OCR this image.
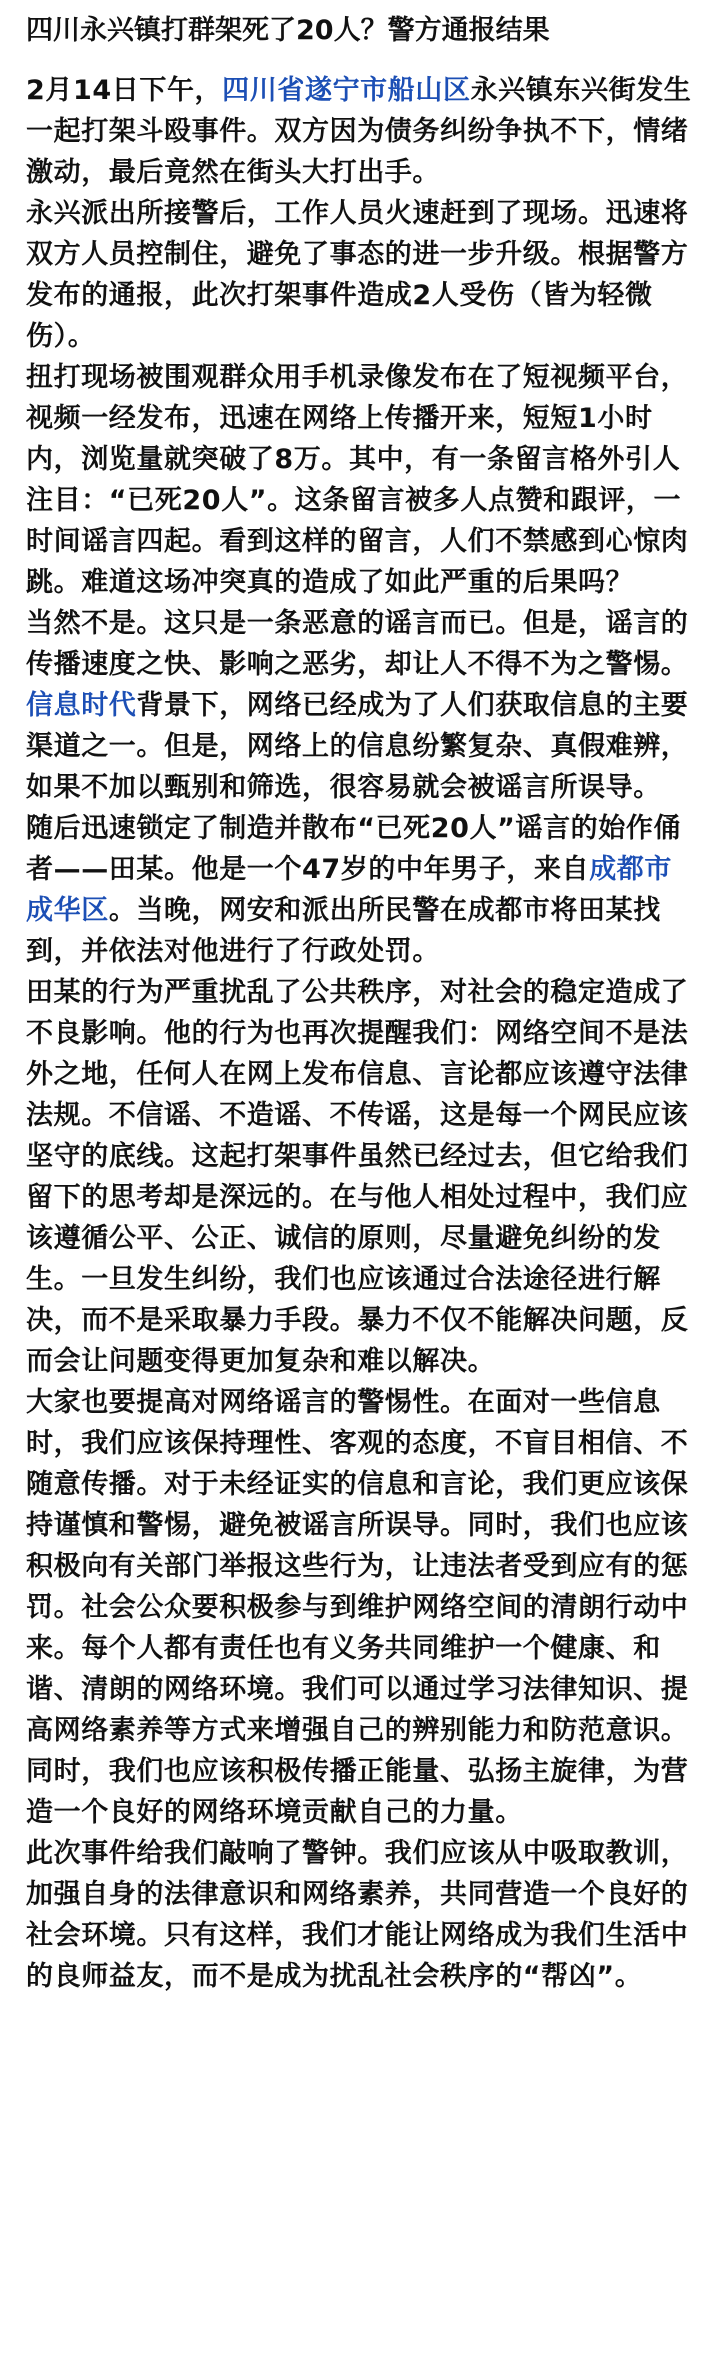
四川永兴镇打群架死了20人？警方通报结果

2月14日下午，四川省遂宁市船山区永兴镇东兴街发生一起打架斗殴事件。双方因为债务纠纷争执不下，情绪激动，最后竟然在街头大打出手。

永兴派出所接警后，工作人员火速赶到了现场。迅速将双方人员控制住，避免了事态的进一步升级。根据警方发布的通报，此次打架事件造成2人受伤（皆为轻微伤）。

扭打现场被围观群众用手机录像发布在了短视频平台，视频一经发布，迅速在网络上传播开来，短短1小时内，浏览量就突破了8万。其中，有一条留言格外引人注目：“已死20人”。这条留言被多人点赞和跟评，一时间谣言四起。看到这样的留言，人们不禁感到心惊肉跳。难道这场冲突真的造成了如此严重的后果吗？

当然不是。这只是一条恶意的谣言而已。但是，谣言的传播速度之快、影响之恶劣，却让人不得不为之警惕。

信息时代背景下，网络已经成为了人们获取信息的主要渠道之一。但是，网络上的信息纷繁复杂、真假难辨，如果不加以甄别和筛选，很容易就会被谣言所误导。

随后迅速锁定了制造并散布“已死20人”谣言的始作俑者——田某。他是一个47岁的中年男子，来自成都市成华区。当晚，网安和派出所民警在成都市将田某找到，并依法对他进行了行政处罚。

田某的行为严重扰乱了公共秩序，对社会的稳定造成了不良影响。他的行为也再次提醒我们：网络空间不是法外之地，任何人在网上发布信息、言论都应该遵守法律法规。不信谣、不造谣、不传谣，这是每一个网民应该坚守的底线。这起打架事件虽然已经过去，但它给我们留下的思考却是深远的。在与他人相处过程中，我们应该遵循公平、公正、诚信的原则，尽量避免纠纷的发生。一旦发生纠纷，我们也应该通过合法途径进行解决，而不是采取暴力手段。暴力不仅不能解决问题，反而会让问题变得更加复杂和难以解决。

大家也要提高对网络谣言的警惕性。在面对一些信息时，我们应该保持理性、客观的态度，不盲目相信、不随意传播。对于未经证实的信息和言论，我们更应该保持谨慎和警惕，避免被谣言所误导。同时，我们也应该积极向有关部门举报这些行为，让违法者受到应有的惩罚。社会公众要积极参与到维护网络空间的清朗行动中来。每个人都有责任也有义务共同维护一个健康、和谐、清朗的网络环境。我们可以通过学习法律知识、提高网络素养等方式来增强自己的辨别能力和防范意识。同时，我们也应该积极传播正能量、弘扬主旋律，为营造一个良好的网络环境贡献自己的力量。

此次事件给我们敲响了警钟。我们应该从中吸取教训，加强自身的法律意识和网络素养，共同营造一个良好的社会环境。只有这样，我们才能让网络成为我们生活中的良师益友，而不是成为扰乱社会秩序的“帮凶”。
